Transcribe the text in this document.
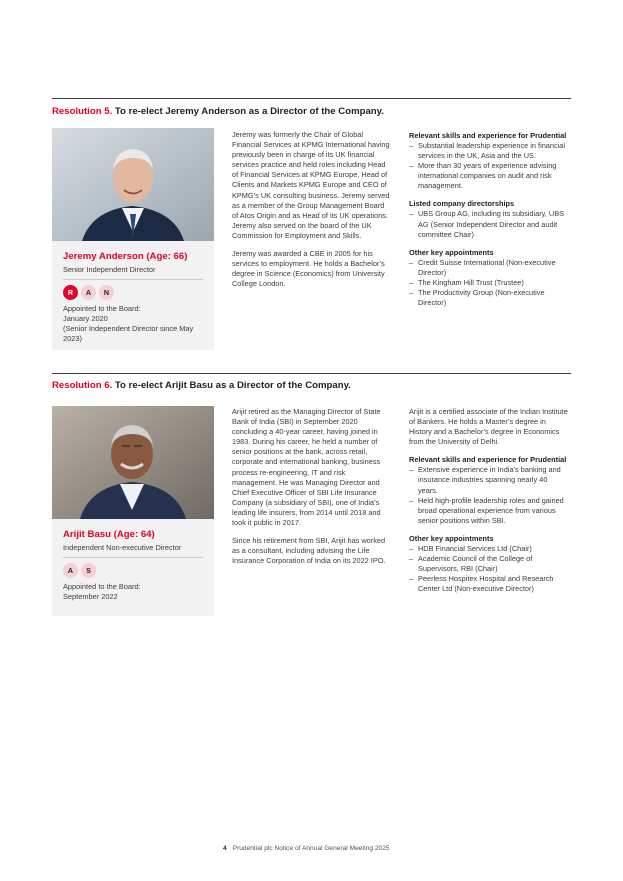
Resolution 5. To re-elect Jeremy Anderson as a Director of the Company.
Jeremy Anderson (Age: 66)
Senior Independent Director
R	A	N
Appointed to the Board:
January 2020
(Senior Independent Director since May 2023)

Jeremy was formerly the Chair of Global Financial Services at KPMG International having previously been in charge of its UK financial services practice and held roles including Head of Financial Services at KPMG Europe, Head of Clients and Markets KPMG Europe and CEO of KPMG’s UK consulting business. Jeremy served as a member of the Group Management Board of Atos Origin and as Head of its UK operations. Jeremy also served on the board of the UK Commission for Employment and Skills.

Jeremy was awarded a CBE in 2005 for his services to employment. He holds a Bachelor’s degree in Science (Economics) from University College London.

Relevant skills and experience for Prudential
– Substantial leadership experience in financial services in the UK, Asia and the US.
– More than 30 years of experience advising international companies on audit and risk management.
Listed company directorships
– UBS Group AG, including its subsidiary, UBS AG (Senior Independent Director and audit committee Chair)
Other key appointments
– Credit Suisse International (Non-executive Director)
– The Kingham Hill Trust (Trustee)
– The Productivity Group (Non-executive Director)
Resolution 6. To re-elect Arijit Basu as a Director of the Company.
Arijit Basu (Age: 64)
Independent Non-executive Director
A	S
Appointed to the Board:
September 2022

Arijit retired as the Managing Director of State Bank of India (SBI) in September 2020 concluding a 40-year career, having joined in 1983. During his career, he held a number of senior positions at the bank, across retail, corporate and international banking, business process re-engineering, IT and risk management. He was Managing Director and Chief Executive Officer of SBI Life Insurance Company (a subsidiary of SBI), one of India’s leading life insurers, from 2014 until 2018 and took it public in 2017.

Since his retirement from SBI, Arijit has worked as a consultant, including advising the Life Insurance Corporation of India on its 2022 IPO.

Arijit is a certified associate of the Indian Institute of Bankers. He holds a Master’s degree in History and a Bachelor’s degree in Economics from the University of Delhi.

Relevant skills and experience for Prudential
– Extensive experience in India’s banking and insurance industries spanning nearly 40 years.
– Held high-profile leadership roles and gained broad operational experience from various senior positions within SBI.
Other key appointments
– HDB Financial Services Ltd (Chair)
– Academic Council of the College of Supervisors, RBI (Chair)
– Peerless Hospitex Hospital and Research Center Ltd (Non-executive Director)
4 Prudential plc Notice of Annual General Meeting 2025
